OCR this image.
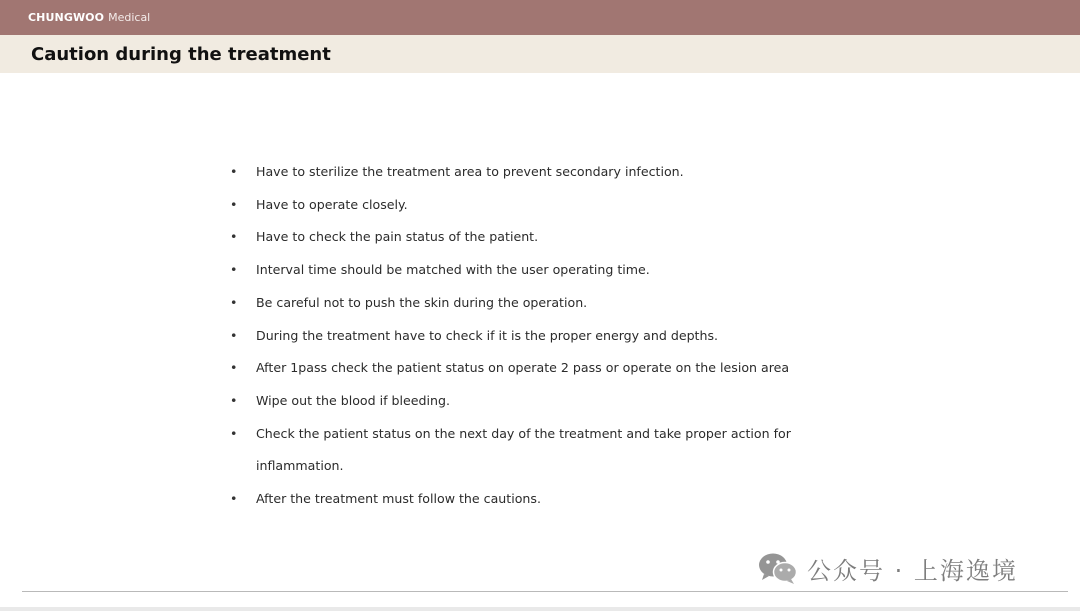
CHUNGWOO Medical
Caution during the treatment
• Have to sterilize the treatment area to prevent secondary infection.
• Have to operate closely.
• Have to check the pain status of the patient.
• Interval time should be matched with the user operating time.
• Be careful not to push the skin during the operation.
• During the treatment have to check if it is the proper energy and depths.
• After 1pass check the patient status on operate 2 pass or operate on the lesion area
• Wipe out the blood if bleeding.
• Check the patient status on the next day of the treatment and take proper action for inflammation.
• After the treatment must follow the cautions.
公众号 · 上海逸境
